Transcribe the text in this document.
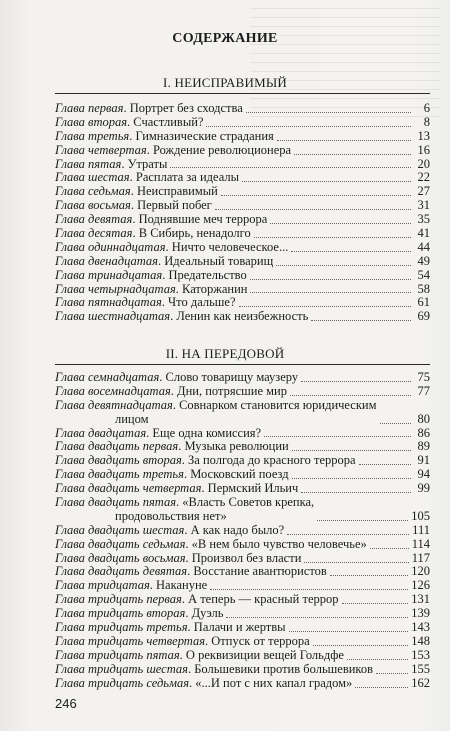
СОДЕРЖАНИЕ
I. НЕИСПРАВИМЫЙ
Глава первая. Портрет без сходства	6
Глава вторая. Счастливый?	8
Глава третья. Гимназические страдания	13
Глава четвертая. Рождение революционера	16
Глава пятая. Утраты	20
Глава шестая. Расплата за идеалы	22
Глава седьмая. Неисправимый	27
Глава восьмая. Первый побег	31
Глава девятая. Поднявшие меч террора	35
Глава десятая. В Сибирь, ненадолго	41
Глава одиннадцатая. Ничто человеческое...	44
Глава двенадцатая. Идеальный товарищ	49
Глава тринадцатая. Предательство	54
Глава четырнадцатая. Каторжанин	58
Глава пятнадцатая. Что дальше?	61
Глава шестнадцатая. Ленин как неизбежность	69
II. НА ПЕРЕДОВОЙ
Глава семнадцатая. Слово товарищу маузеру	75
Глава восемнадцатая. Дни, потрясшие мир	77
Глава девятнадцатая. Совнарком становится юридическим
лицом	80
Глава двадцатая. Еще одна комиссия?	86
Глава двадцать первая. Музыка революции	89
Глава двадцать вторая. За полгода до красного террора	91
Глава двадцать третья. Московский поезд	94
Глава двадцать четвертая. Пермский Ильич	99
Глава двадцать пятая. «Власть Советов крепка,
продовольствия нет»	105
Глава двадцать шестая. А как надо было?	111
Глава двадцать седьмая. «В нем было чувство человечье»	114
Глава двадцать восьмая. Произвол без власти	117
Глава двадцать девятая. Восстание авантюристов	120
Глава тридцатая. Накануне	126
Глава тридцать первая. А теперь — красный террор	131
Глава тридцать вторая. Дуэль	139
Глава тридцать третья. Палачи и жертвы	143
Глава тридцать четвертая. Отпуск от террора	148
Глава тридцать пятая. О реквизиции вещей Гольдфе	153
Глава тридцать шестая. Большевики против большевиков	155
Глава тридцать седьмая. «...И пот с них капал градом»	162
246
